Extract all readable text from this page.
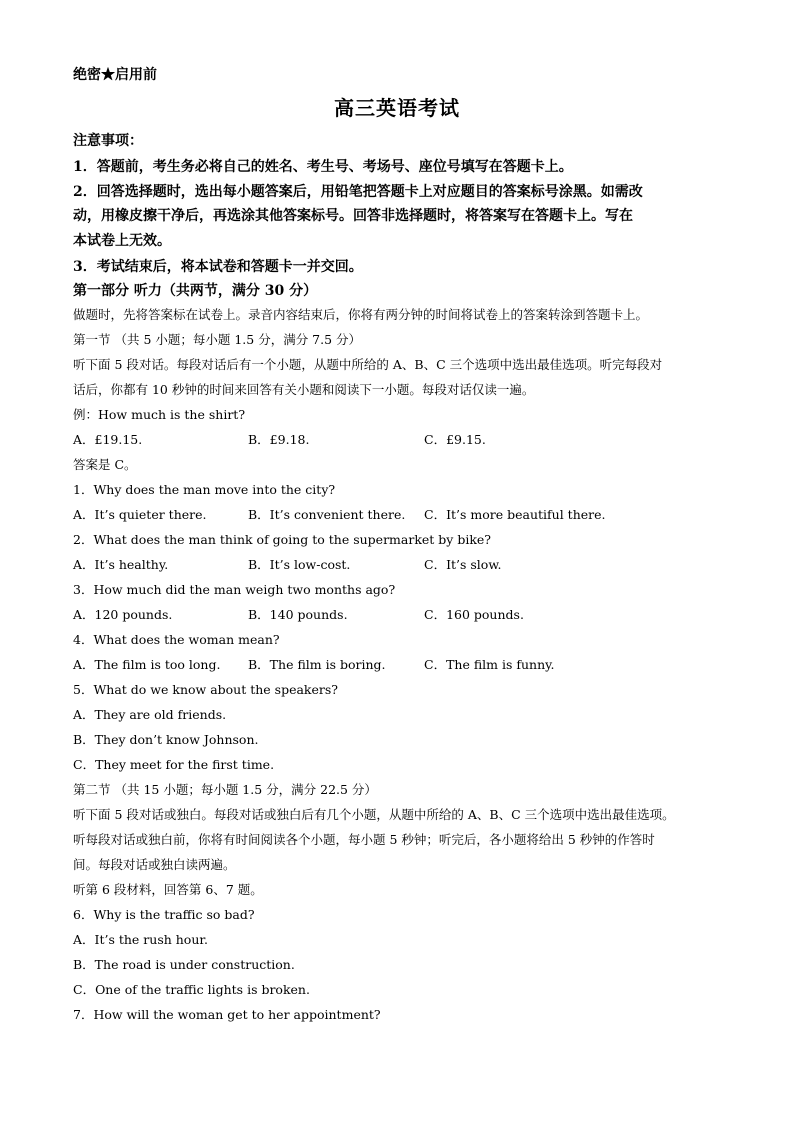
绝密★启用前
高三英语考试
注意事项：
1．答题前，考生务必将自己的姓名、考生号、考场号、座位号填写在答题卡上。
2．回答选择题时，选出每小题答案后，用铅笔把答题卡上对应题目的答案标号涂黑。如需改
动，用橡皮擦干净后，再选涂其他答案标号。回答非选择题时，将答案写在答题卡上。写在
本试卷上无效。
3．考试结束后，将本试卷和答题卡一并交回。
第一部分 听力（共两节，满分 30 分）
做题时，先将答案标在试卷上。录音内容结束后，你将有两分钟的时间将试卷上的答案转涂到答题卡上。
第一节 （共 5 小题；每小题 1.5 分，满分 7.5 分）
听下面 5 段对话。每段对话后有一个小题，从题中所给的 A、B、C 三个选项中选出最佳选项。听完每段对
话后，你都有 10 秒钟的时间来回答有关小题和阅读下一小题。每段对话仅读一遍。
例：How much is the shirt?
A．£19.15.	B．£9.18.	C．£9.15.
答案是 C。
1．Why does the man move into the city?
A．It’s quieter there.	B．It’s convenient there. C．It’s more beautiful there.
2．What does the man think of going to the supermarket by bike?
A．It’s healthy.	B．It’s low-cost.	C．It’s slow.
3．How much did the man weigh two months ago?
A．120 pounds.	B．140 pounds.	C．160 pounds.
4．What does the woman mean?
A．The film is too long. B．The film is boring.	C．The film is funny.
5．What do we know about the speakers?
A．They are old friends.
B．They don’t know Johnson.
C．They meet for the first time.
第二节 （共 15 小题；每小题 1.5 分，满分 22.5 分）
听下面 5 段对话或独白。每段对话或独白后有几个小题，从题中所给的 A、B、C 三个选项中选出最佳选项。
听每段对话或独白前，你将有时间阅读各个小题，每小题 5 秒钟；听完后，各小题将给出 5 秒钟的作答时
间。每段对话或独白读两遍。
听第 6 段材料，回答第 6、7 题。
6．Why is the traffic so bad?
A．It’s the rush hour.
B．The road is under construction.
C．One of the traffic lights is broken.
7．How will the woman get to her appointment?
